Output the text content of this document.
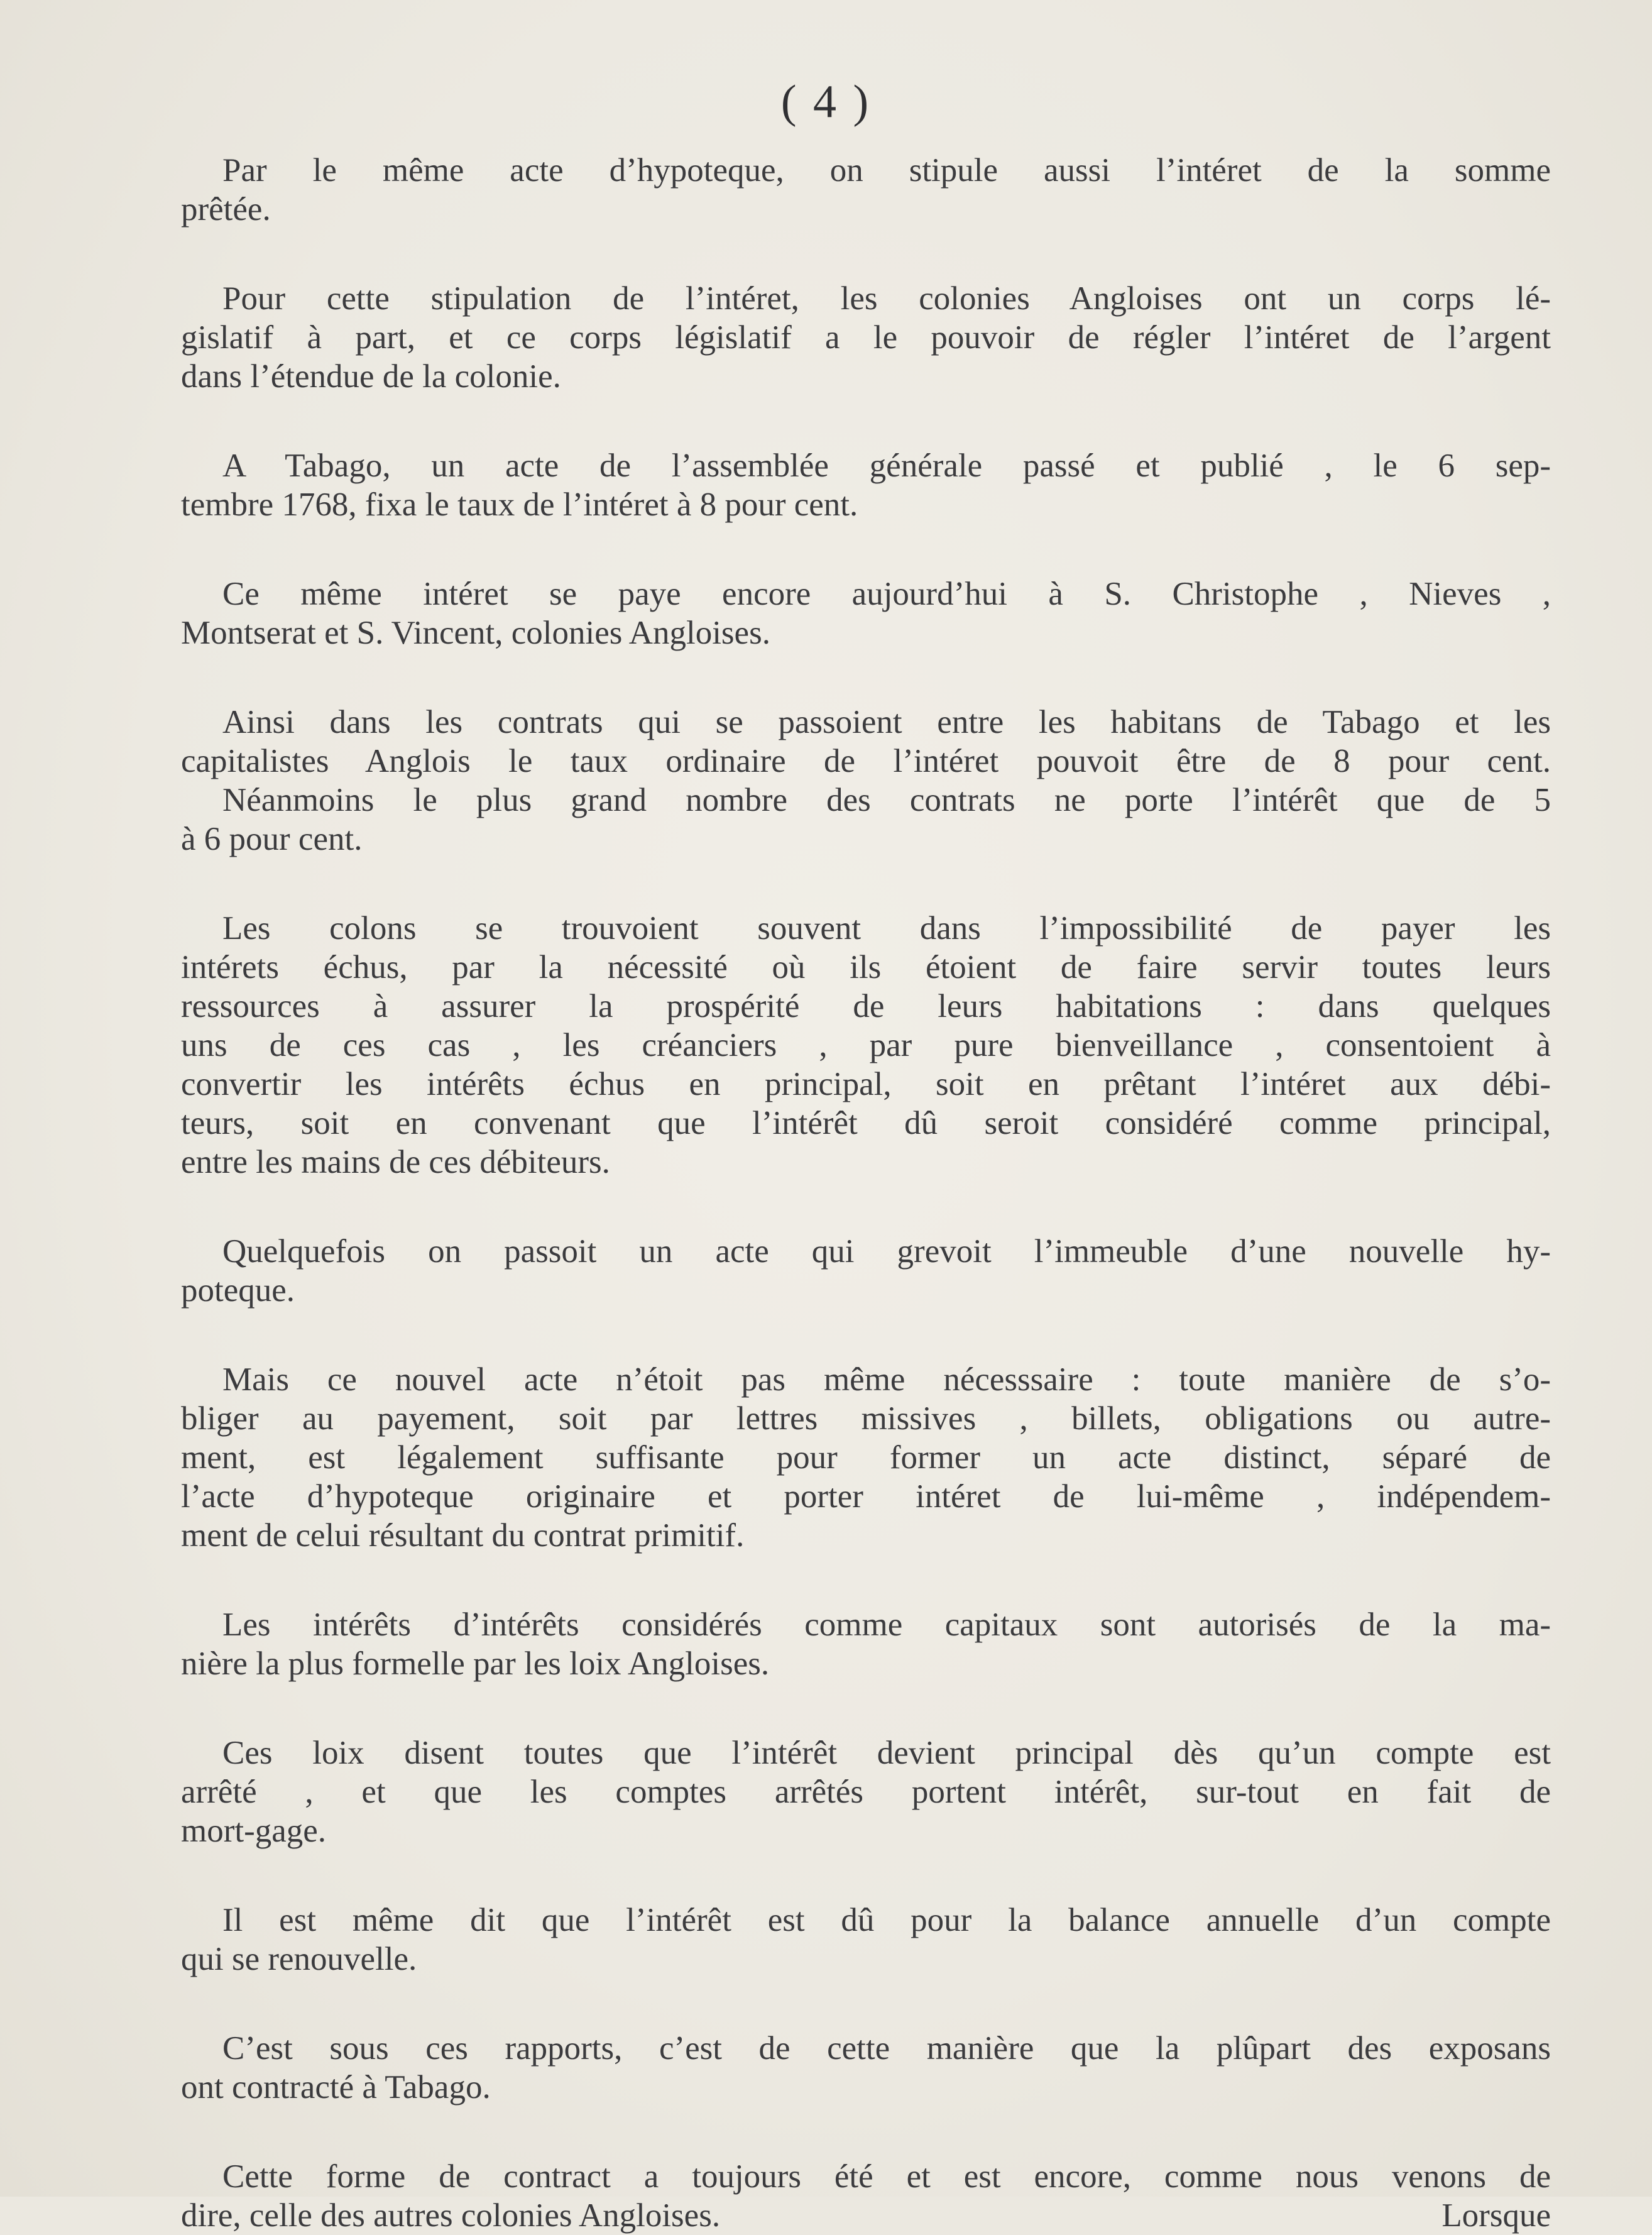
( 4 )

Par le même acte d’hypoteque, on stipule aussi l’intéret de la somme
prêtée.

Pour cette stipulation de l’intéret, les colonies Angloises ont un corps lé-
gislatif à part, et ce corps législatif a le pouvoir de régler l’intéret de l’argent
dans l’étendue de la colonie.

A Tabago, un acte de l’assemblée générale passé et publié , le 6 sep-
tembre 1768, fixa le taux de l’intéret à 8 pour cent.

Ce même intéret se paye encore aujourd’hui à S. Christophe , Nieves ,
Montserat et S. Vincent, colonies Angloises.

Ainsi dans les contrats qui se passoient entre les habitans de Tabago et les
capitalistes Anglois le taux ordinaire de l’intéret pouvoit être de 8 pour cent.
Néanmoins le plus grand nombre des contrats ne porte l’intérêt que de 5
à 6 pour cent.

Les colons se trouvoient souvent dans l’impossibilité de payer les
intérets échus, par la nécessité où ils étoient de faire servir toutes leurs
ressources à assurer la prospérité de leurs habitations : dans quelques
uns de ces cas , les créanciers , par pure bienveillance , consentoient à
convertir les intérêts échus en principal, soit en prêtant l’intéret aux débi-
teurs, soit en convenant que l’intérêt dû seroit considéré comme principal,
entre les mains de ces débiteurs.

Quelquefois on passoit un acte qui grevoit l’immeuble d’une nouvelle hy-
poteque.

Mais ce nouvel acte n’étoit pas même nécesssaire : toute manière de s’o-
bliger au payement, soit par lettres missives , billets, obligations ou autre-
ment, est légalement suffisante pour former un acte distinct, séparé de
l’acte d’hypoteque originaire et porter intéret de lui-même , indépendem-
ment de celui résultant du contrat primitif.

Les intérêts d’intérêts considérés comme capitaux sont autorisés de la ma-
nière la plus formelle par les loix Angloises.

Ces loix disent toutes que l’intérêt devient principal dès qu’un compte est
arrêté , et que les comptes arrêtés portent intérêt, sur-tout en fait de
mort-gage.

Il est même dit que l’intérêt est dû pour la balance annuelle d’un compte
qui se renouvelle.

C’est sous ces rapports, c’est de cette manière que la plûpart des exposans
ont contracté à Tabago.

Cette forme de contract a toujours été et est encore, comme nous venons de
dire, celle des autres colonies Angloises.	Lorsque
